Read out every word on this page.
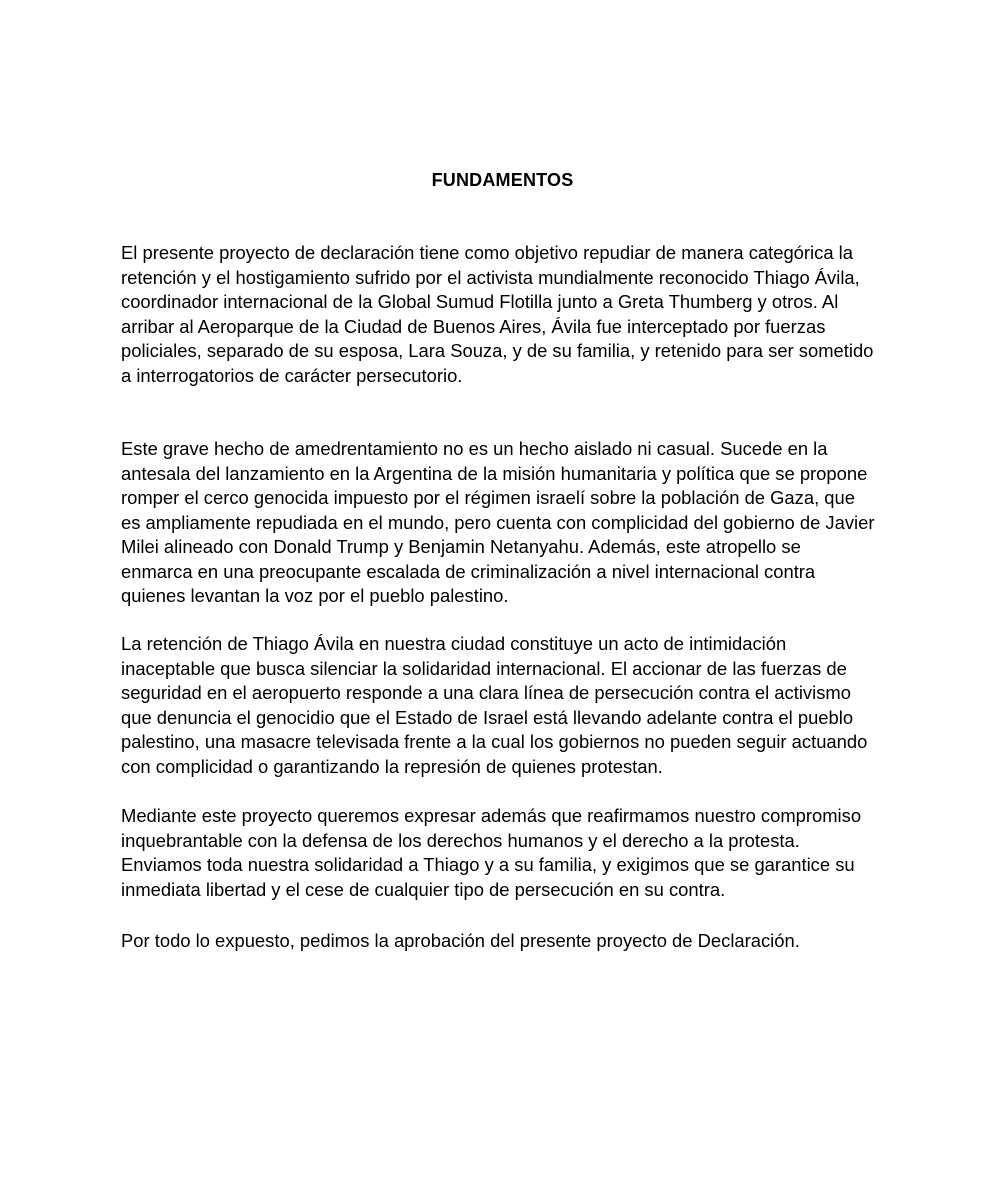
FUNDAMENTOS

El presente proyecto de declaración tiene como objetivo repudiar de manera categórica la
retención y el hostigamiento sufrido por el activista mundialmente reconocido Thiago Ávila,
coordinador internacional de la Global Sumud Flotilla junto a Greta Thumberg y otros. Al
arribar al Aeroparque de la Ciudad de Buenos Aires, Ávila fue interceptado por fuerzas
policiales, separado de su esposa, Lara Souza, y de su familia, y retenido para ser sometido
a interrogatorios de carácter persecutorio.

Este grave hecho de amedrentamiento no es un hecho aislado ni casual. Sucede en la
antesala del lanzamiento en la Argentina de la misión humanitaria y política que se propone
romper el cerco genocida impuesto por el régimen israelí sobre la población de Gaza, que
es ampliamente repudiada en el mundo, pero cuenta con complicidad del gobierno de Javier
Milei alineado con Donald Trump y Benjamin Netanyahu. Además, este atropello se
enmarca en una preocupante escalada de criminalización a nivel internacional contra
quienes levantan la voz por el pueblo palestino.

La retención de Thiago Ávila en nuestra ciudad constituye un acto de intimidación
inaceptable que busca silenciar la solidaridad internacional. El accionar de las fuerzas de
seguridad en el aeropuerto responde a una clara línea de persecución contra el activismo
que denuncia el genocidio que el Estado de Israel está llevando adelante contra el pueblo
palestino, una masacre televisada frente a la cual los gobiernos no pueden seguir actuando
con complicidad o garantizando la represión de quienes protestan.

Mediante este proyecto queremos expresar además que reafirmamos nuestro compromiso
inquebrantable con la defensa de los derechos humanos y el derecho a la protesta.
Enviamos toda nuestra solidaridad a Thiago y a su familia, y exigimos que se garantice su
inmediata libertad y el cese de cualquier tipo de persecución en su contra.

Por todo lo expuesto, pedimos la aprobación del presente proyecto de Declaración.
